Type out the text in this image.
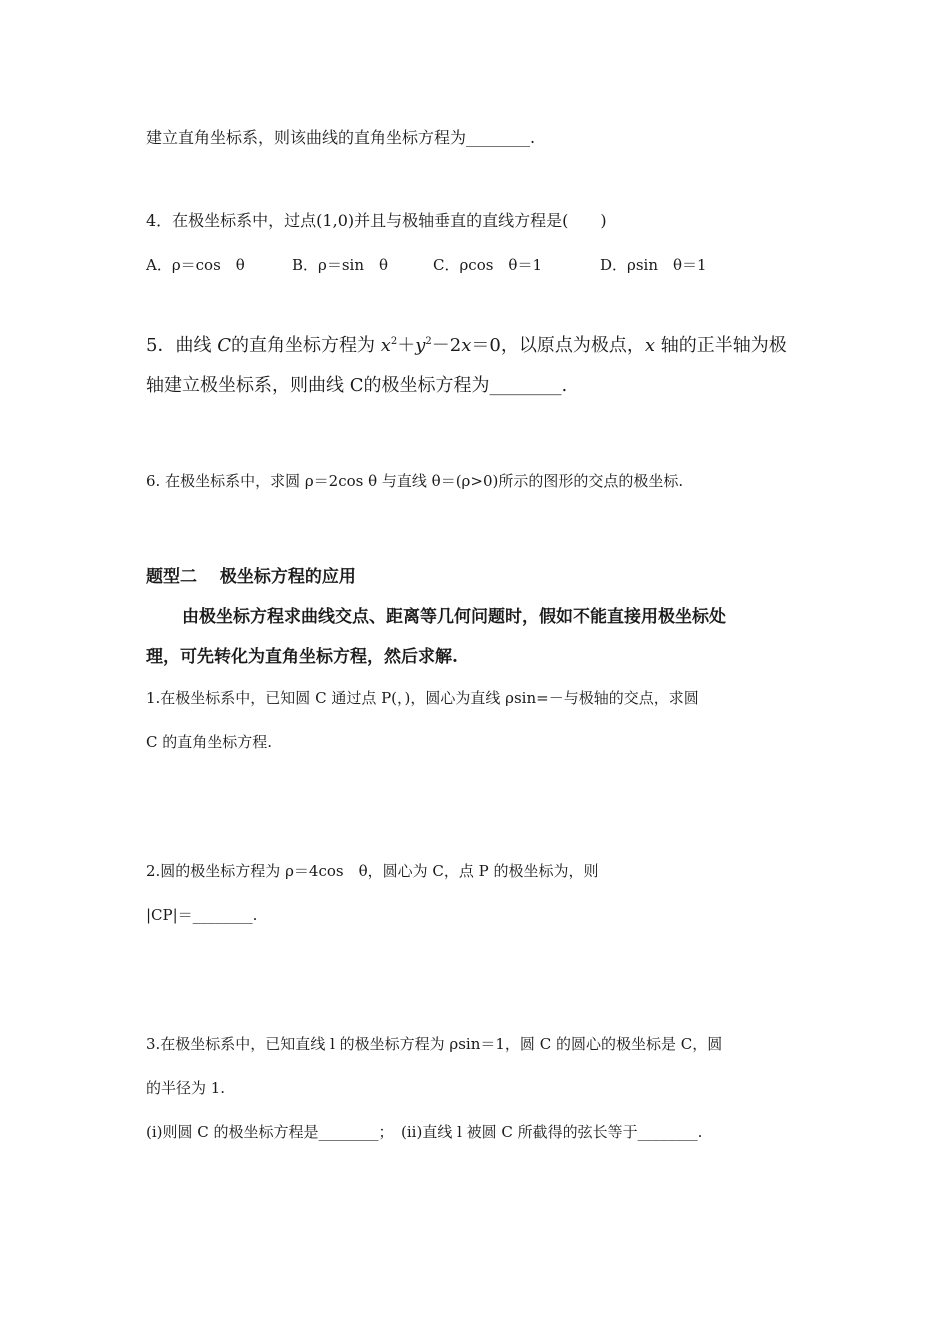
建立直角坐标系，则该曲线的直角坐标方程为________.
4．在极坐标系中，过点(1,0)并且与极轴垂直的直线方程是(　　)
A．ρ＝cos　θ	B．ρ＝sin　θ	C．ρcos　θ＝1	D．ρsin　θ＝1
5．曲线 C的直角坐标方程为 $x^2+y^2-2x=0$，以原点为极点，x 轴的正半轴为极
轴建立极坐标系，则曲线 C的极坐标方程为________.
6. 在极坐标系中，求圆 ρ＝2cos θ 与直线 θ＝(ρ>0)所示的图形的交点的极坐标.
题型二　 极坐标方程的应用
由极坐标方程求曲线交点、距离等几何问题时，假如不能直接用极坐标处
理，可先转化为直角坐标方程，然后求解.
1.在极坐标系中，已知圆 C 通过点 P(，)，圆心为直线 ρsin=－与极轴的交点，求圆
C 的直角坐标方程.
2.圆的极坐标方程为 ρ＝4cos　θ，圆心为 C，点 P 的极坐标为，则
|CP|＝________.
3.在极坐标系中，已知直线 l 的极坐标方程为 ρsin＝1，圆 C 的圆心的极坐标是 C，圆
的半径为 1.
(i)则圆 C 的极坐标方程是________；　(ii)直线 l 被圆 C 所截得的弦长等于________.
